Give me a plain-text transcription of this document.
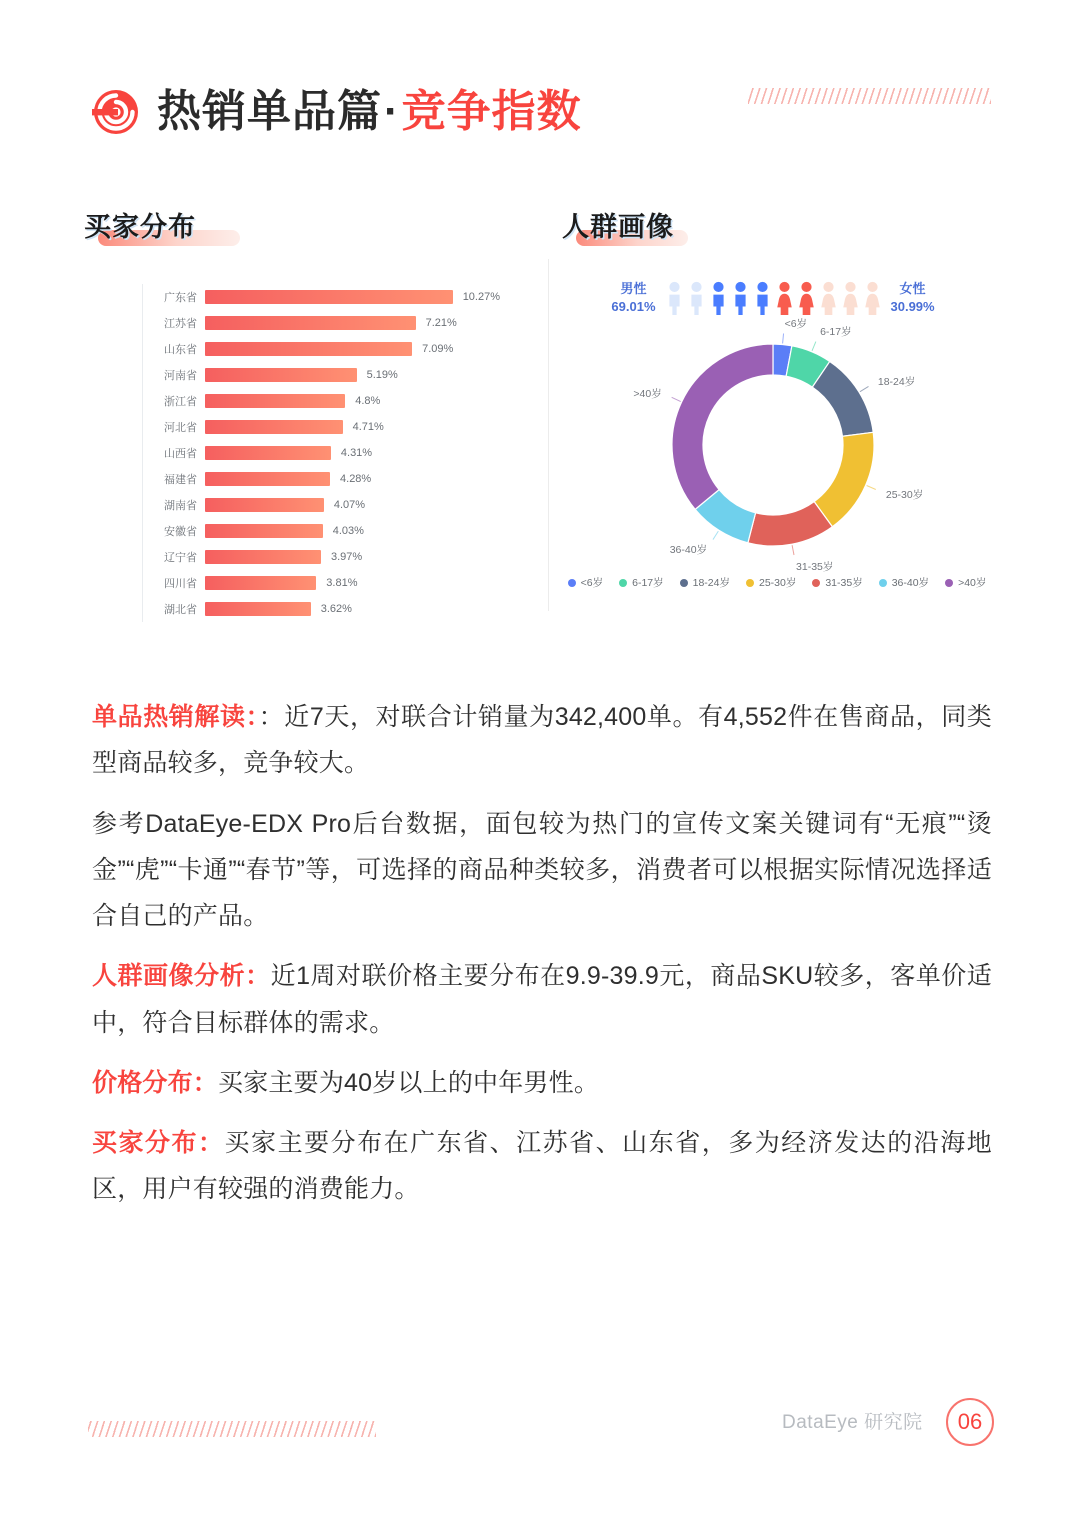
热销单品篇·竞争指数
买家分布
广东省	10.27%
江苏省	7.21%
山东省	7.09%
河南省	5.19%
浙江省	4.8%
河北省	4.71%
山西省	4.31%
福建省	4.28%
湖南省	4.07%
安徽省	4.03%
辽宁省	3.97%
四川省	3.81%
湖北省	3.62%
人群画像
男性
69.01%
女性
30.99%
<6岁
6-17岁
18-24岁
25-30岁
31-35岁
36-40岁
>40岁
<6岁	6-17岁	18-24岁	25-30岁	31-35岁	36-40岁	>40岁

单品热销解读：：近7天，对联合计销量为342,400单。有4,552件在售商品，同类型商品较多，竞争较大。

参考DataEye-EDX Pro后台数据，面包较为热门的宣传文案关键词有“无痕”“烫金”“虎”“卡通”“春节”等，可选择的商品种类较多，消费者可以根据实际情况选择适合自己的产品。

人群画像分析：近1周对联价格主要分布在9.9-39.9元，商品SKU较多，客单价适中，符合目标群体的需求。

价格分布：买家主要为40岁以上的中年男性。

买家分布：买家主要分布在广东省、江苏省、山东省，多为经济发达的沿海地区，用户有较强的消费能力。

DataEye 研究院	06
